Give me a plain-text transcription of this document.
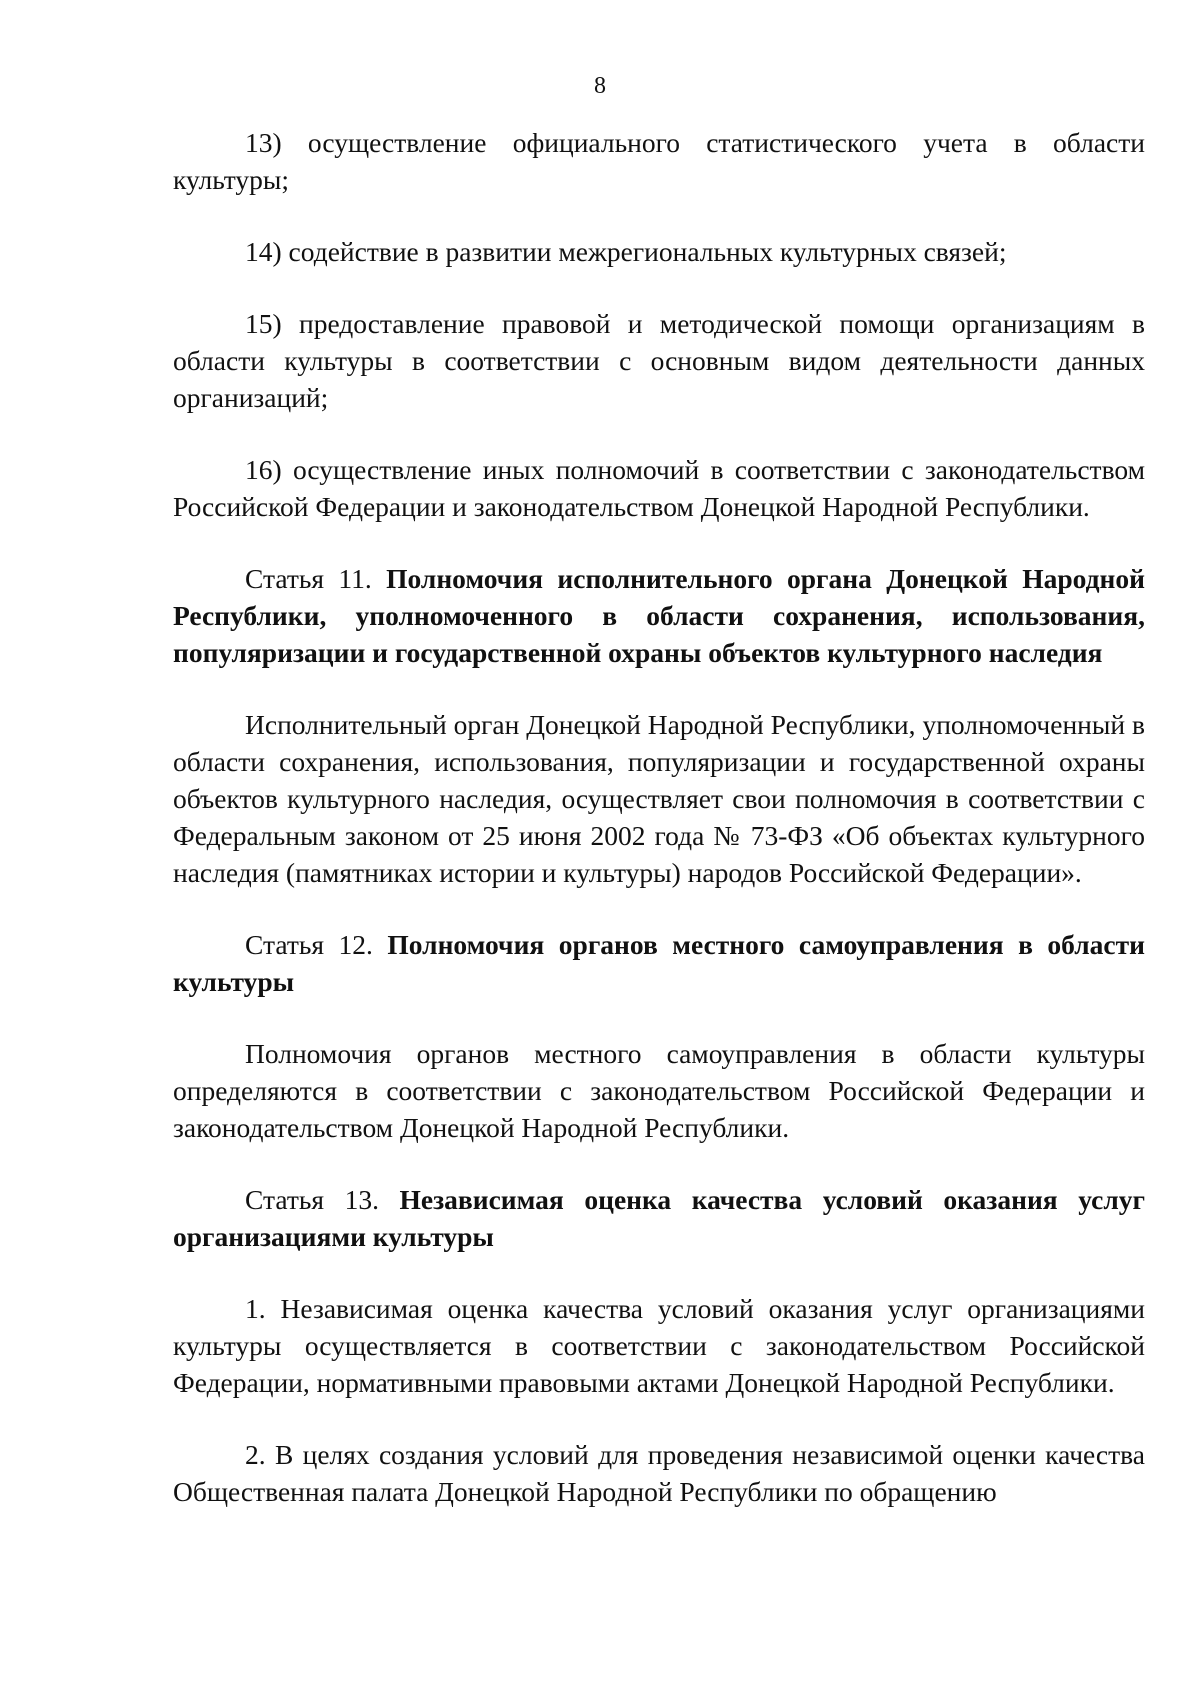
8

13) осуществление официального статистического учета в области культуры;

14) содействие в развитии межрегиональных культурных связей;

15) предоставление правовой и методической помощи организациям в области культуры в соответствии с основным видом деятельности данных организаций;

16) осуществление иных полномочий в соответствии с законодательством Российской Федерации и законодательством Донецкой Народной Республики.

Статья 11. Полномочия исполнительного органа Донецкой Народной Республики, уполномоченного в области сохранения, использования, популяризации и государственной охраны объектов культурного наследия

Исполнительный орган Донецкой Народной Республики, уполномоченный в области сохранения, использования, популяризации и государственной охраны объектов культурного наследия, осуществляет свои полномочия в соответствии с Федеральным законом от 25 июня 2002 года № 73-ФЗ «Об объектах культурного наследия (памятниках истории и культуры) народов Российской Федерации».

Статья 12. Полномочия органов местного самоуправления в области культуры

Полномочия органов местного самоуправления в области культуры определяются в соответствии с законодательством Российской Федерации и законодательством Донецкой Народной Республики.

Статья 13. Независимая оценка качества условий оказания услуг организациями культуры

1. Независимая оценка качества условий оказания услуг организациями культуры осуществляется в соответствии с законодательством Российской Федерации, нормативными правовыми актами Донецкой Народной Республики.

2. В целях создания условий для проведения независимой оценки качества Общественная палата Донецкой Народной Республики по обращению
